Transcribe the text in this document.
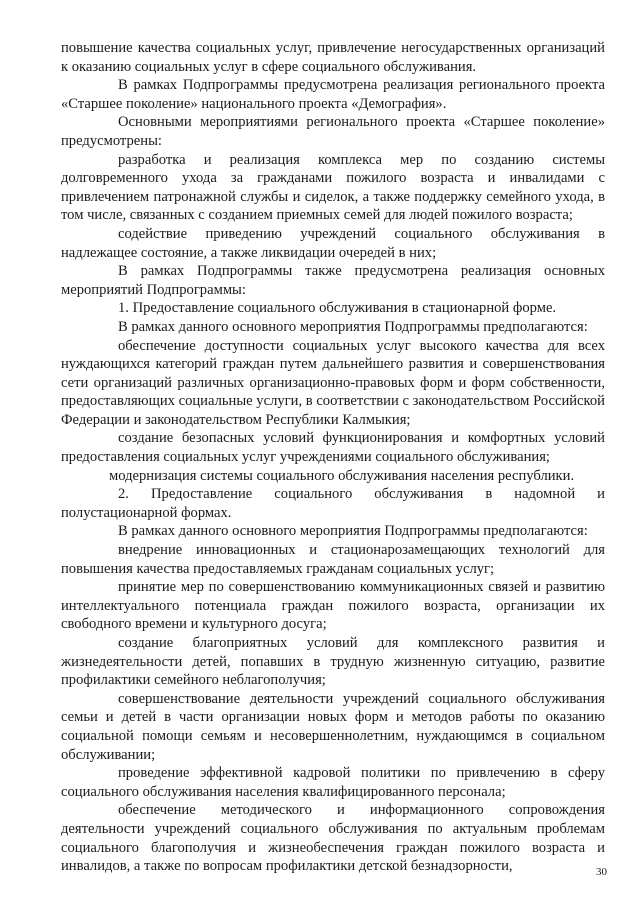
повышение качества социальных услуг, привлечение негосударственных организаций к оказанию социальных услуг в сфере социального обслуживания.

В рамках Подпрограммы предусмотрена реализация регионального проекта «Старшее поколение» национального проекта «Демография».

Основными мероприятиями регионального проекта «Старшее поколение» предусмотрены:

разработка и реализация комплекса мер по созданию системы долговременного ухода за гражданами пожилого возраста и инвалидами с привлечением патронажной службы и сиделок, а также поддержку семейного ухода, в том числе, связанных с созданием приемных семей для людей пожилого возраста;

содействие приведению учреждений социального обслуживания в надлежащее состояние, а также ликвидации очередей в них;

В рамках Подпрограммы также предусмотрена реализация основных мероприятий Подпрограммы:

1. Предоставление социального обслуживания в стационарной форме.

В рамках данного основного мероприятия Подпрограммы предполагаются:

обеспечение доступности социальных услуг высокого качества для всех нуждающихся категорий граждан путем дальнейшего развития и совершенствования сети организаций различных организационно-правовых форм и форм собственности, предоставляющих социальные услуги, в соответствии с законодательством Российской Федерации и законодательством Республики Калмыкия;

создание безопасных условий функционирования и комфортных условий предоставления социальных услуг учреждениями социального обслуживания;

модернизация системы социального обслуживания населения республики.

2. Предоставление социального обслуживания в надомной и полустационарной формах.

В рамках данного основного мероприятия Подпрограммы предполагаются:

внедрение инновационных и стационарозамещающих технологий для повышения качества предоставляемых гражданам социальных услуг;

принятие мер по совершенствованию коммуникационных связей и развитию интеллектуального потенциала граждан пожилого возраста, организации их свободного времени и культурного досуга;

создание благоприятных условий для комплексного развития и жизнедеятельности детей, попавших в трудную жизненную ситуацию, развитие профилактики семейного неблагополучия;

совершенствование деятельности учреждений социального обслуживания семьи и детей в части организации новых форм и методов работы по оказанию социальной помощи семьям и несовершеннолетним, нуждающимся в социальном обслуживании;

проведение эффективной кадровой политики по привлечению в сферу социального обслуживания населения квалифицированного персонала;

обеспечение методического и информационного сопровождения деятельности учреждений социального обслуживания по актуальным проблемам социального благополучия и жизнеобеспечения граждан пожилого возраста и инвалидов, а также по вопросам профилактики детской безнадзорности,	30
